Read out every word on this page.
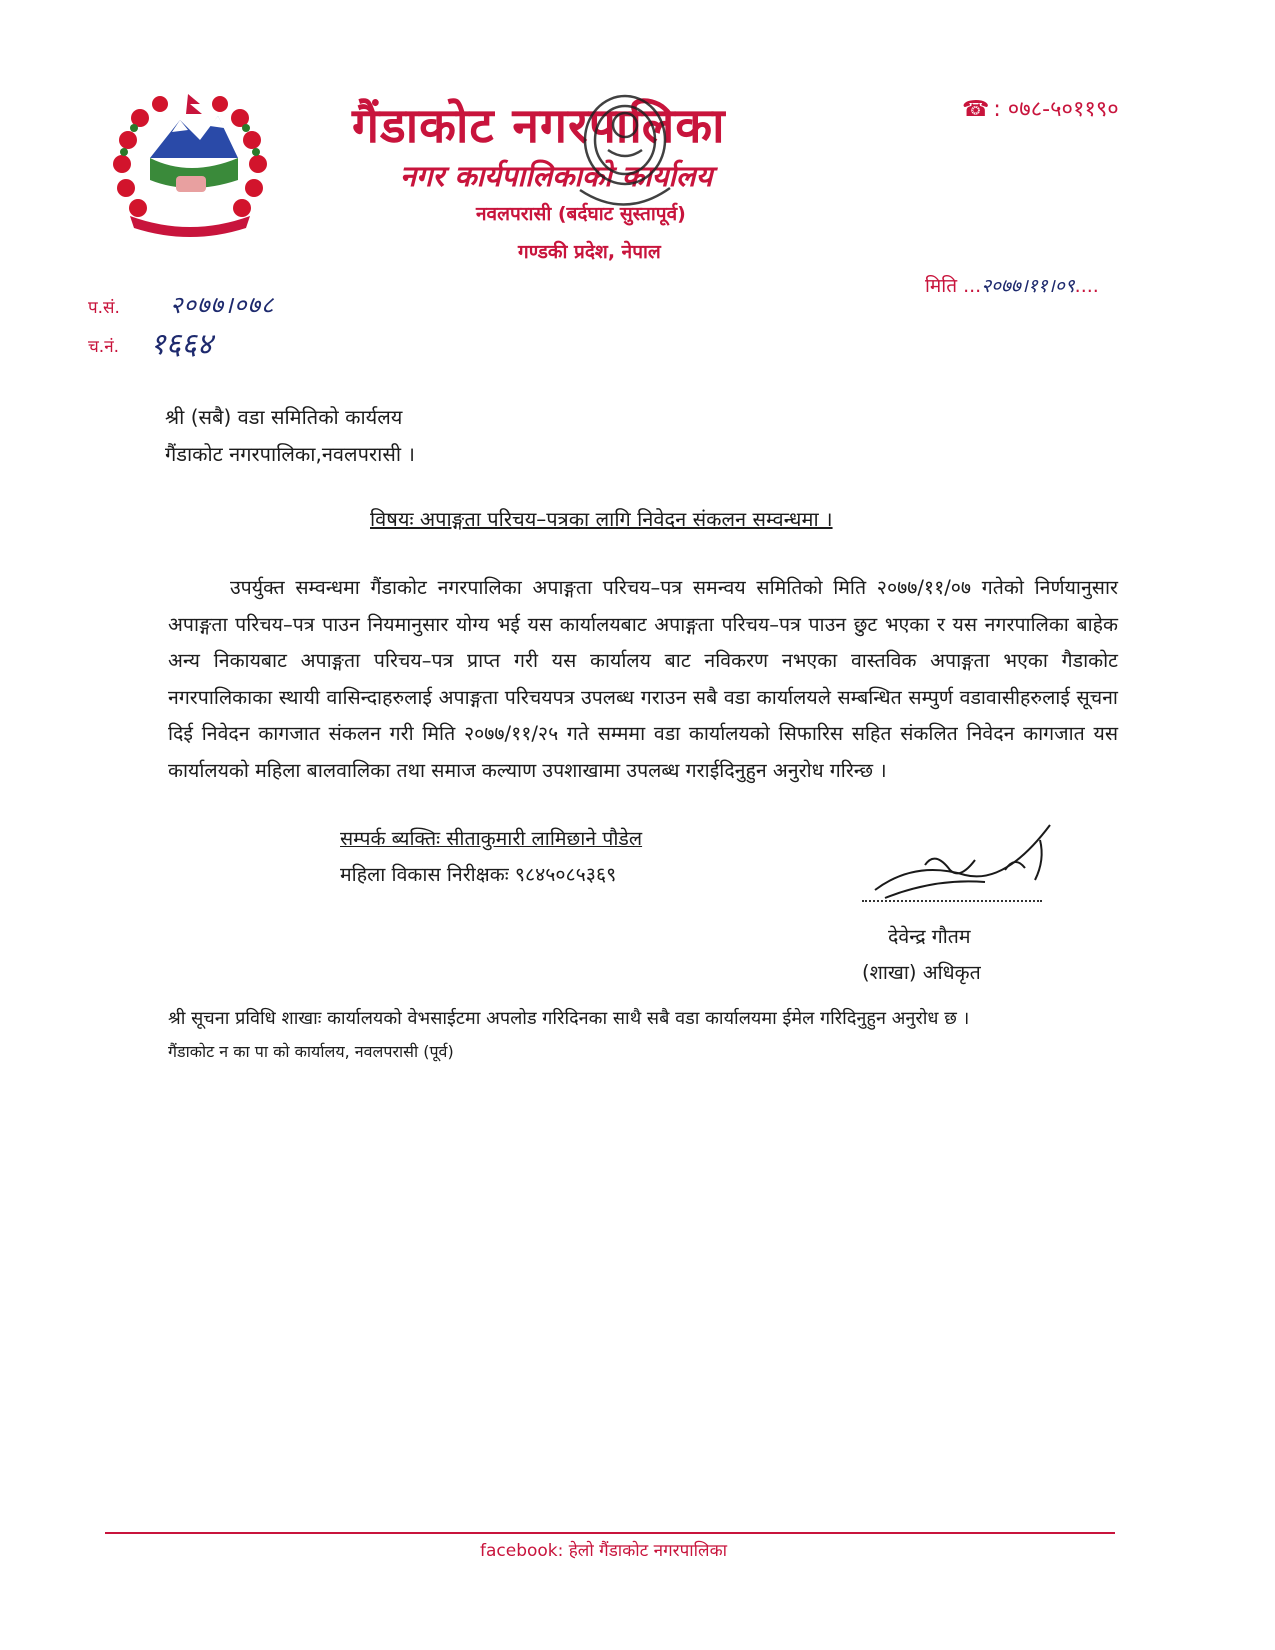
गैंडाकोट नगरपालिका
नगर कार्यपालिकाको कार्यालय
नवलपरासी (बर्दघाट सुस्तापूर्व)
गण्डकी प्रदेश, नेपाल
☎ : ०७८-५०११९०
प.सं. २०७७।०७८
च.नं. १६६४
मिति ...२०७७।११।०९....
श्री (सबै) वडा समितिको कार्यलय
गैंडाकोट नगरपालिका,नवलपरासी ।
विषयः अपाङ्गता परिचय–पत्रका लागि निवेदन संकलन सम्वन्धमा ।
उपर्युक्त सम्वन्धमा गैंडाकोट नगरपालिका अपाङ्गता परिचय–पत्र समन्वय समितिको मिति २०७७/११/०७ गतेको निर्णयानुसार अपाङ्गता परिचय–पत्र पाउन नियमानुसार योग्य भई यस कार्यालयबाट अपाङ्गता परिचय–पत्र पाउन छुट भएका र यस नगरपालिका बाहेक अन्य निकायबाट अपाङ्गता परिचय–पत्र प्राप्त गरी यस कार्यालय बाट नविकरण नभएका वास्तविक अपाङ्गता भएका गैडाकोट नगरपालिकाका स्थायी वासिन्दाहरुलाई अपाङ्गता परिचयपत्र उपलब्ध गराउन सबै वडा कार्यालयले सम्बन्धित सम्पुर्ण वडावासीहरुलाई सूचना दिई निवेदन कागजात संकलन गरी मिति २०७७/११/२५ गते सम्ममा वडा कार्यालयको सिफारिस सहित संकलित निवेदन कागजात यस कार्यालयको महिला बालवालिका तथा समाज कल्याण उपशाखामा उपलब्ध गराईदिनुहुन अनुरोध गरिन्छ ।
सम्पर्क ब्यक्तिः सीताकुमारी लामिछाने पौडेल
महिला विकास निरीक्षकः ९८४५०८५३६९
देवेन्द्र गौतम
(शाखा) अधिकृत
श्री सूचना प्रविधि शाखाः कार्यालयको वेभसाईटमा अपलोड गरिदिनका साथै सबै वडा कार्यालयमा ईमेल गरिदिनुहुन अनुरोध छ ।
गैंडाकोट न का पा को कार्यालय, नवलपरासी (पूर्व)
facebook: हेलो गैंडाकोट नगरपालिका
